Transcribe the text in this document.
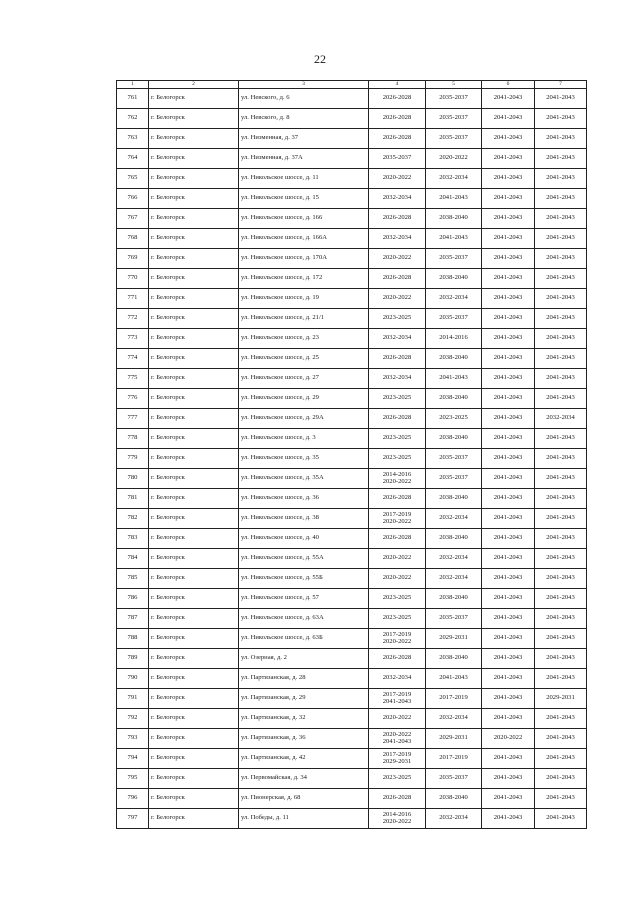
22
1	2	3	4	5	6	7
761	г. Белогорск	ул. Невского, д. 6	2026-2028	2035-2037	2041-2043	2041-2043
762	г. Белогорск	ул. Невского, д. 8	2026-2028	2035-2037	2041-2043	2041-2043
763	г. Белогорск	ул. Низменная, д. 37	2026-2028	2035-2037	2041-2043	2041-2043
764	г. Белогорск	ул. Низменная, д. 37А	2035-2037	2020-2022	2041-2043	2041-2043
765	г. Белогорск	ул. Никольское шоссе, д. 11	2020-2022	2032-2034	2041-2043	2041-2043
766	г. Белогорск	ул. Никольское шоссе, д. 15	2032-2034	2041-2043	2041-2043	2041-2043
767	г. Белогорск	ул. Никольское шоссе, д. 166	2026-2028	2038-2040	2041-2043	2041-2043
768	г. Белогорск	ул. Никольское шоссе, д. 166А	2032-2034	2041-2043	2041-2043	2041-2043
769	г. Белогорск	ул. Никольское шоссе, д. 170А	2020-2022	2035-2037	2041-2043	2041-2043
770	г. Белогорск	ул. Никольское шоссе, д. 172	2026-2028	2038-2040	2041-2043	2041-2043
771	г. Белогорск	ул. Никольское шоссе, д. 19	2020-2022	2032-2034	2041-2043	2041-2043
772	г. Белогорск	ул. Никольское шоссе, д. 21/1	2023-2025	2035-2037	2041-2043	2041-2043
773	г. Белогорск	ул. Никольское шоссе, д. 23	2032-2034	2014-2016	2041-2043	2041-2043
774	г. Белогорск	ул. Никольское шоссе, д. 25	2026-2028	2038-2040	2041-2043	2041-2043
775	г. Белогорск	ул. Никольское шоссе, д. 27	2032-2034	2041-2043	2041-2043	2041-2043
776	г. Белогорск	ул. Никольское шоссе, д. 29	2023-2025	2038-2040	2041-2043	2041-2043
777	г. Белогорск	ул. Никольское шоссе, д. 29А	2026-2028	2023-2025	2041-2043	2032-2034
778	г. Белогорск	ул. Никольское шоссе, д. 3	2023-2025	2038-2040	2041-2043	2041-2043
779	г. Белогорск	ул. Никольское шоссе, д. 35	2023-2025	2035-2037	2041-2043	2041-2043
780	г. Белогорск	ул. Никольское шоссе, д. 35А	2014-2016
2020-2022	2035-2037	2041-2043	2041-2043
781	г. Белогорск	ул. Никольское шоссе, д. 36	2026-2028	2038-2040	2041-2043	2041-2043
782	г. Белогорск	ул. Никольское шоссе, д. 38	2017-2019
2020-2022	2032-2034	2041-2043	2041-2043
783	г. Белогорск	ул. Никольское шоссе, д. 40	2026-2028	2038-2040	2041-2043	2041-2043
784	г. Белогорск	ул. Никольское шоссе, д. 55А	2020-2022	2032-2034	2041-2043	2041-2043
785	г. Белогорск	ул. Никольское шоссе, д. 55Б	2020-2022	2032-2034	2041-2043	2041-2043
786	г. Белогорск	ул. Никольское шоссе, д. 57	2023-2025	2038-2040	2041-2043	2041-2043
787	г. Белогорск	ул. Никольское шоссе, д. 63А	2023-2025	2035-2037	2041-2043	2041-2043
788	г. Белогорск	ул. Никольское шоссе, д. 63Б	2017-2019
2020-2022	2029-2031	2041-2043	2041-2043
789	г. Белогорск	ул. Озерная, д. 2	2026-2028	2038-2040	2041-2043	2041-2043
790	г. Белогорск	ул. Партизанская, д. 28	2032-2034	2041-2043	2041-2043	2041-2043
791	г. Белогорск	ул. Партизанская, д. 29	2017-2019
2041-2043	2017-2019	2041-2043	2029-2031
792	г. Белогорск	ул. Партизанская, д. 32	2020-2022	2032-2034	2041-2043	2041-2043
793	г. Белогорск	ул. Партизанская, д. 36	2020-2022
2041-2043	2029-2031	2020-2022	2041-2043
794	г. Белогорск	ул. Партизанская, д. 42	2017-2019
2029-2031	2017-2019	2041-2043	2041-2043
795	г. Белогорск	ул. Первомайская, д. 34	2023-2025	2035-2037	2041-2043	2041-2043
796	г. Белогорск	ул. Пионерская, д. 68	2026-2028	2038-2040	2041-2043	2041-2043
797	г. Белогорск	ул. Победы, д. 11	2014-2016
2020-2022	2032-2034	2041-2043	2041-2043
